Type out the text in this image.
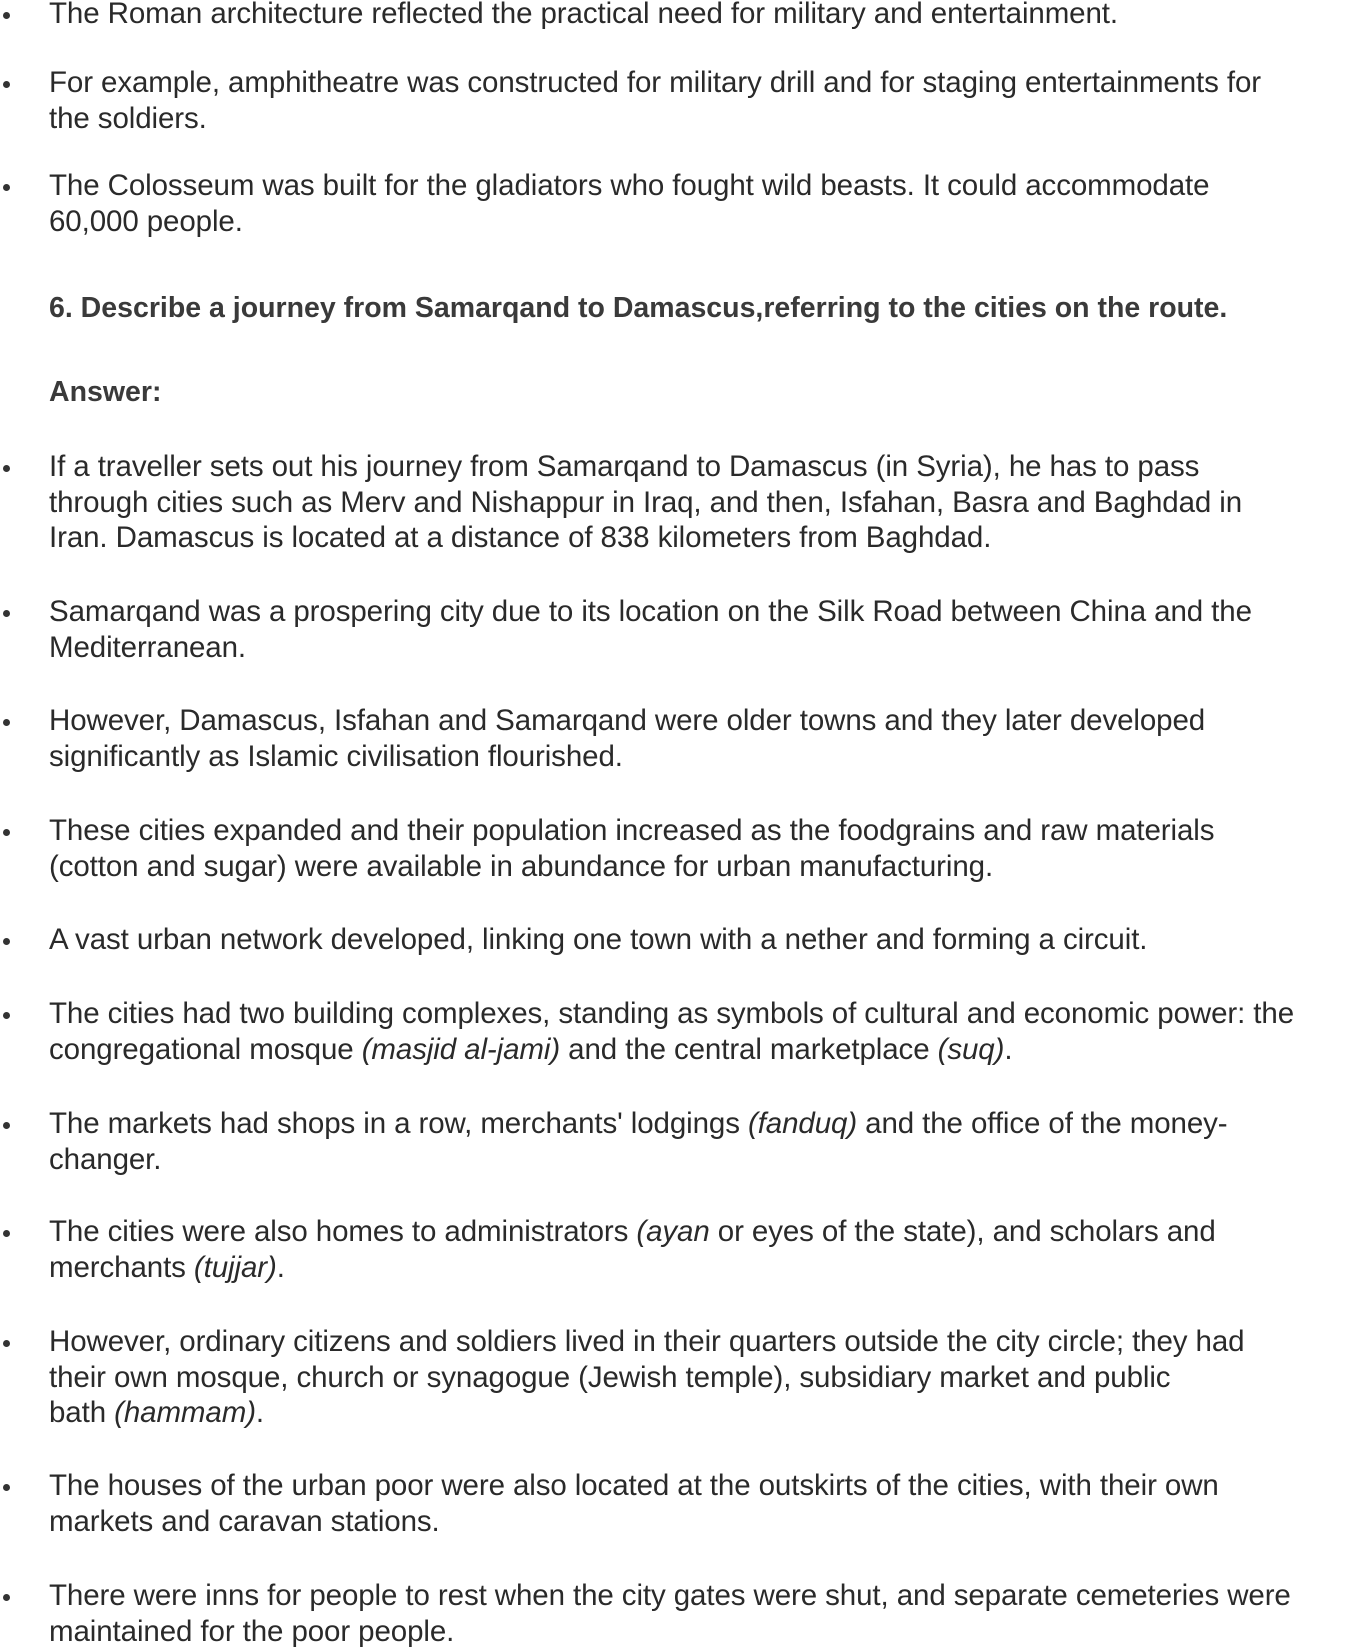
The Roman architecture reflected the practical need for military and entertainment.
For example, amphitheatre was constructed for military drill and for staging entertainments for
the soldiers.
The Colosseum was built for the gladiators who fought wild beasts. It could accommodate
60,000 people.
6. Describe a journey from Samarqand to Damascus,referring to the cities on the route.
Answer:
If a traveller sets out his journey from Samarqand to Damascus (in Syria), he has to pass
through cities such as Merv and Nishappur in Iraq, and then, Isfahan, Basra and Baghdad in
Iran. Damascus is located at a distance of 838 kilometers from Baghdad.
Samarqand was a prospering city due to its location on the Silk Road between China and the
Mediterranean.
However, Damascus, Isfahan and Samarqand were older towns and they later developed
significantly as Islamic civilisation flourished.
These cities expanded and their population increased as the foodgrains and raw materials
(cotton and sugar) were available in abundance for urban manufacturing.
A vast urban network developed, linking one town with a nether and forming a circuit.
The cities had two building complexes, standing as symbols of cultural and economic power: the
congregational mosque (masjid al-jami) and the central marketplace (suq).
The markets had shops in a row, merchants' lodgings (fanduq) and the office of the money-
changer.
The cities were also homes to administrators (ayan or eyes of the state), and scholars and
merchants (tujjar).
However, ordinary citizens and soldiers lived in their quarters outside the city circle; they had
their own mosque, church or synagogue (Jewish temple), subsidiary market and public
bath (hammam).
The houses of the urban poor were also located at the outskirts of the cities, with their own
markets and caravan stations.
There were inns for people to rest when the city gates were shut, and separate cemeteries were
maintained for the poor people.
